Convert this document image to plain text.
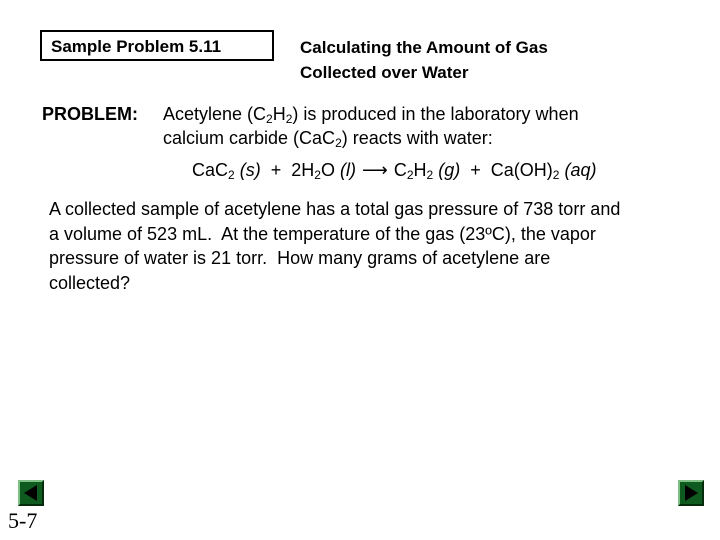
Sample Problem 5.11	Calculating the Amount of Gas
Collected over Water
PROBLEM: Acetylene $(C_2H_2)$ is produced in the laboratory when
calcium carbide (CaC$_2$) reacts with water:
CaC$_2$ $(s) + 2H_2O$ (l) ⟶ $C_2H_2$ $(g) + Ca(OH)_2$ (aq)
A collected sample of acetylene has a total gas pressure of 738 torr and
a volume of 523 mL.  At the temperature of the gas (23ºC), the vapor
pressure of water is 21 torr.  How many grams of acetylene are
collected?
5-7
